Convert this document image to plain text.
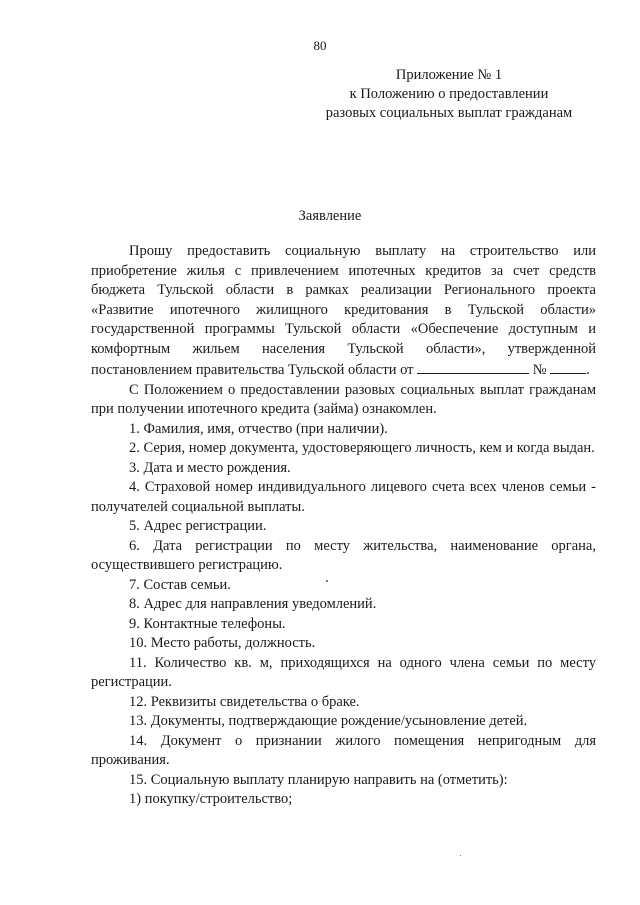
80
Приложение № 1
к Положению о предоставлении
разовых социальных выплат гражданам
Заявление

Прошу предоставить социальную выплату на строительство или приобретение жилья с привлечением ипотечных кредитов за счет средств бюджета Тульской области в рамках реализации Регионального проекта «Развитие ипотечного жилищного кредитования в Тульской области» государственной программы Тульской области «Обеспечение доступным и комфортным жильем населения Тульской области», утвержденной постановлением правительства Тульской области от	№	.

С Положением о предоставлении разовых социальных выплат гражданам при получении ипотечного кредита (займа) ознакомлен.

1. Фамилия, имя, отчество (при наличии).

2. Серия, номер документа, удостоверяющего личность, кем и когда выдан.

3. Дата и место рождения.

4. Страховой номер индивидуального лицевого счета всех членов семьи - получателей социальной выплаты.

5. Адрес регистрации.

6. Дата регистрации по месту жительства, наименование органа, осуществившего регистрацию.

7. Состав семьи.

8. Адрес для направления уведомлений.

9. Контактные телефоны.

10. Место работы, должность.

11. Количество кв. м, приходящихся на одного члена семьи по месту регистрации.

12. Реквизиты свидетельства о браке.

13. Документы, подтверждающие рождение/усыновление детей.

14. Документ о признании жилого помещения непригодным для проживания.

15. Социальную выплату планирую направить на (отметить):

1) покупку/строительство;
